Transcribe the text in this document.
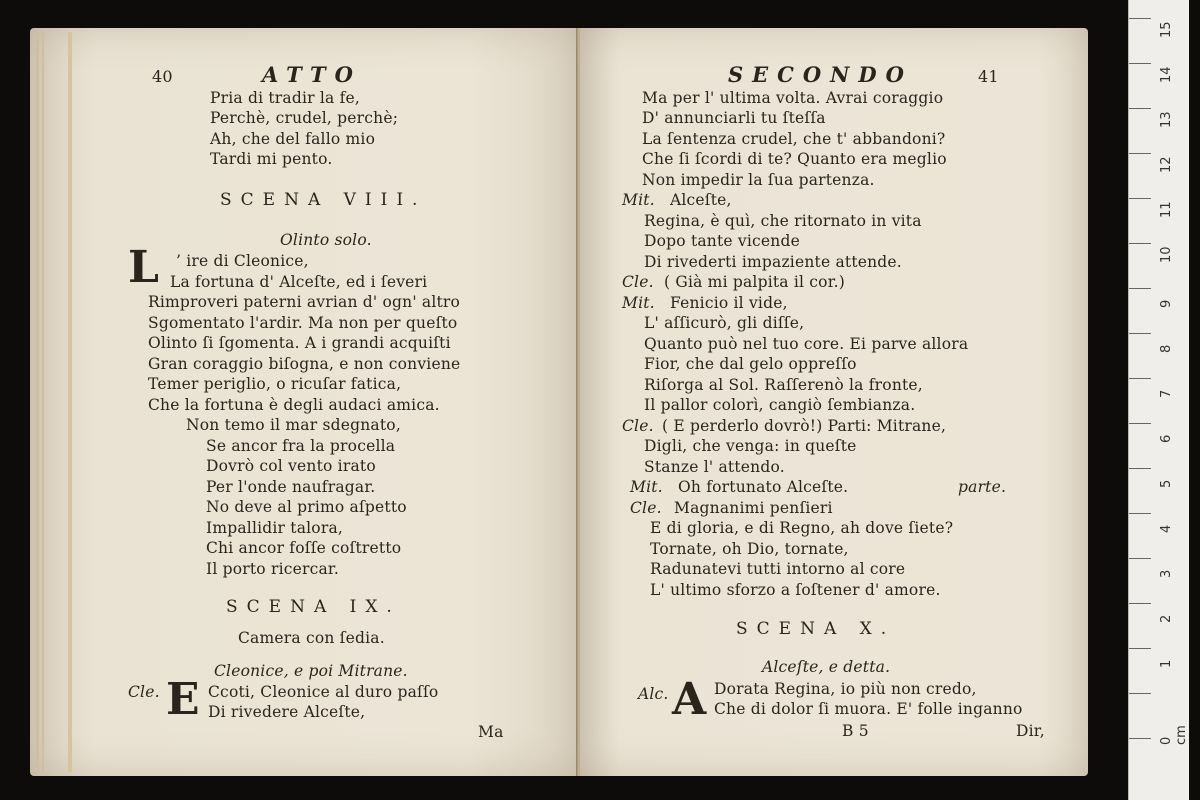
40	ATTO
Pria di tradir la fe,
Perchè, crudel, perchè;
Ah, che del fallo mio
Tardi mi pento.
SCENA VIII.
Olinto solo.
L ’ ire di Cleonice,
La fortuna d' Alceſte, ed i ſeveri
Rimproveri paterni avrian d' ogn' altro
Sgomentato l'ardir. Ma non per queſto
Olinto ſi ſgomenta. A i grandi acquiſti
Gran coraggio biſogna, e non conviene
Temer periglio, o ricuſar fatica,
Che la fortuna è degli audaci amica.
Non temo il mar sdegnato,
Se ancor fra la procella
Dovrò col vento irato
Per l'onde naufragar.
No deve al primo aſpetto
Impallidir talora,
Chi ancor foſſe coſtretto
Il porto ricercar.
SCENA IX.
Camera con ſedia.
Cleonice, e poi Mitrane.
Cle. E Ccoti, Cleonice al duro paſſo
Di rivedere Alceſte,
Ma
SECONDO	41
Ma per l' ultima volta. Avrai coraggio
D' annunciarli tu ſteſſa
La ſentenza crudel, che t' abbandoni?
Che ſi ſcordi di te? Quanto era meglio
Non impedir la ſua partenza.
Mit. Alceſte,
Regina, è quì, che ritornato in vita
Dopo tante vicende
Di rivederti impaziente attende.
Cle. ( Già mi palpita il cor.)
Mit. Fenicio il vide,
L' aſſicurò, gli diſſe,
Quanto può nel tuo core. Ei parve allora
Fior, che dal gelo oppreſſo
Riſorga al Sol. Raſſerenò la fronte,
Il pallor colorì, cangiò ſembianza.
Cle. ( E perderlo dovrò!) Parti: Mitrane,
Digli, che venga: in queſte
Stanze l' attendo.
Mit. Oh fortunato Alceſte.	parte.
Cle. Magnanimi penſieri
E di gloria, e di Regno, ah dove ſiete?
Tornate, oh Dio, tornate,
Radunatevi tutti intorno al core
L' ultimo sforzo a ſoſtener d' amore.
SCENA X.
Alceſte, e detta.
Alc. A Dorata Regina, io più non credo,
Che di dolor ſi muora. E' folle inganno
B 5	Dir,
15
14
13
12
11
10
9
8
7
6
5
4
3
2
1
0 cm
